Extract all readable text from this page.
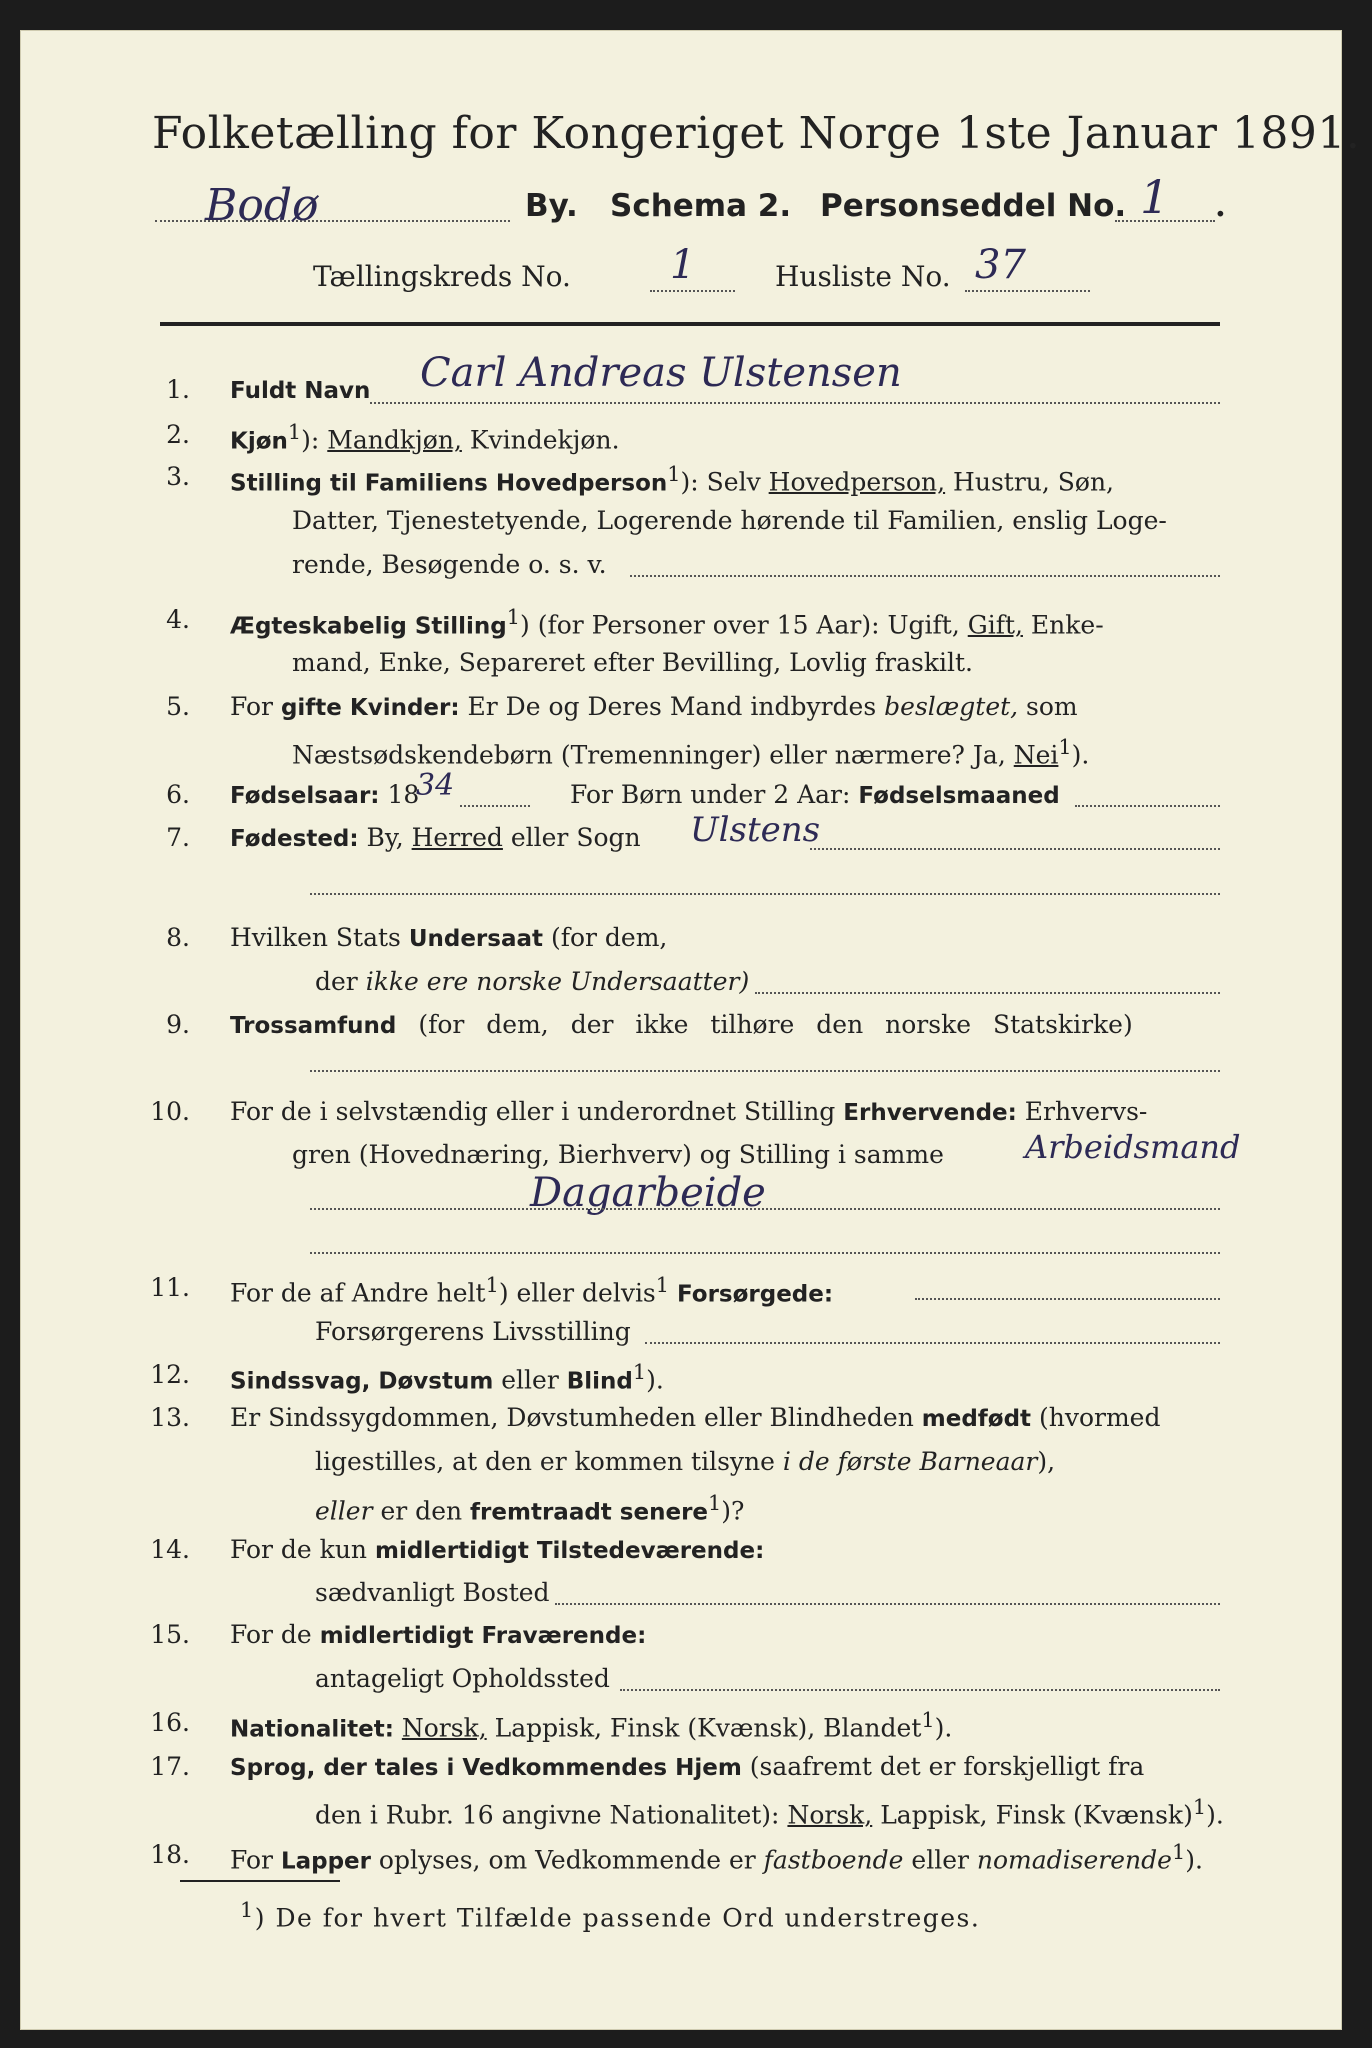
Folketælling for Kongeriget Norge 1ste Januar 1891.
Bodø	By. Schema 2. Personseddel No. 1 .
Tællingskreds No. 1	Husliste No. 37
1. Fuldt Navn Carl Andreas Ulstensen
2. Kjøn$^1$): Mandkjøn, Kvindekjøn.
3. Stilling til Familiens Hovedperson$^1$): Selv Hovedperson, Hustru, Søn,
Datter, Tjenestetyende, Logerende hørende til Familien, enslig Loge-
rende, Besøgende o. s. v.
4. Ægteskabelig Stilling$^1$) (for Personer over 15 Aar): Ugift, Gift, Enke-
mand, Enke, Separeret efter Bevilling, Lovlig fraskilt.
5. For gifte Kvinder: Er De og Deres Mand indbyrdes beslægtet, som
Næstsødskendebørn (Tremenninger) eller nærmere? Ja, Nei$^1$).
6. Fødselsaar: 18
34	For Børn under 2 Aar: Fødselsmaaned
7. Fødested: By, Herred eller Sogn Ulstens
8. Hvilken Stats Undersaat (for dem,
der ikke ere norske Undersaatter)
9. Trossamfund (for dem, der ikke tilhøre den norske Statskirke)
10. For de i selvstændig eller i underordnet Stilling Erhvervende: Erhvervs-
gren (Hovednæring, Bierhverv) og Stilling i samme	Arbeidsmand
Dagarbeide
11. For de af Andre helt$^1$) eller delvis$^1$ Forsørgede:
Forsørgerens Livsstilling
12. Sindssvag, Døvstum eller Blind$^1$).
13. Er Sindssygdommen, Døvstumheden eller Blindheden medfødt (hvormed
ligestilles, at den er kommen tilsyne i de første Barneaar),
eller er den fremtraadt senere$^1$)?
14. For de kun midlertidigt Tilstedeværende:
sædvanligt Bosted
15. For de midlertidigt Fraværende:
antageligt Opholdssted
16. Nationalitet: Norsk, Lappisk, Finsk (Kvænsk), Blandet$^1$).
17. Sprog, der tales i Vedkommendes Hjem (saafremt det er forskjelligt fra
den i Rubr. 16 angivne Nationalitet): Norsk, Lappisk, Finsk (Kvænsk)$^1$).
18. For Lapper oplyses, om Vedkommende er fastboende eller nomadiserende$^1$).
$^1$) De for hvert Tilfælde passende Ord understreges.
